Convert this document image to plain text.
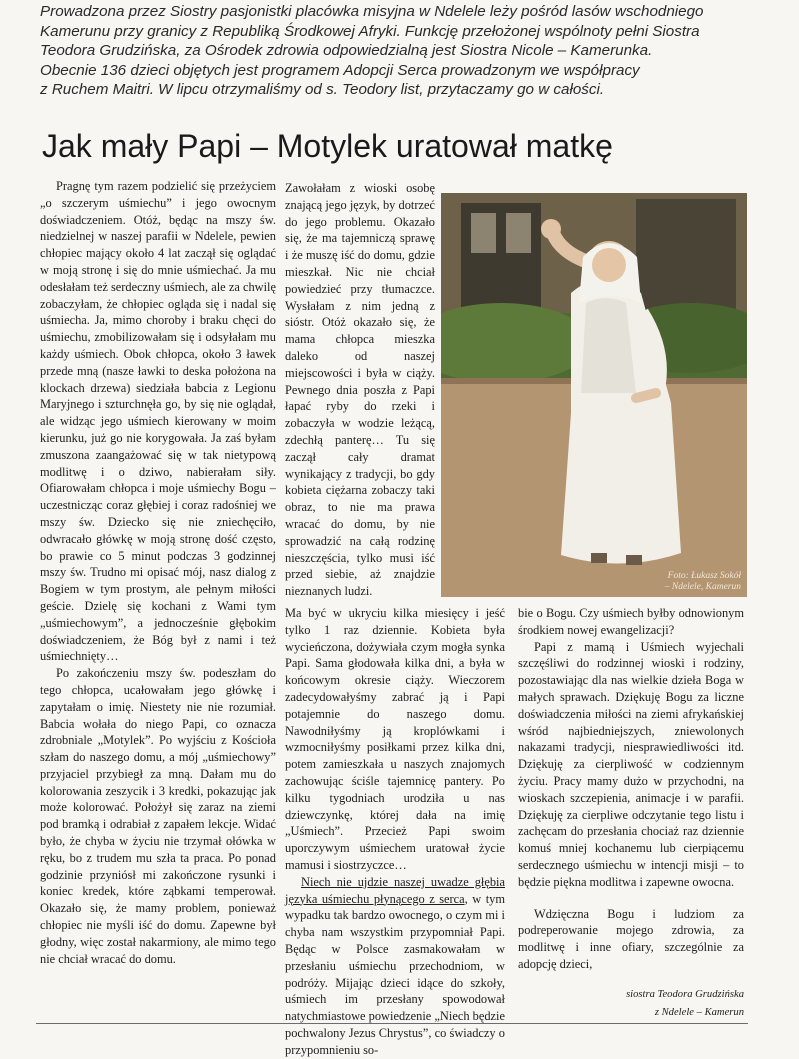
Prowadzona przez Siostry pasjonistki placówka misyjna w Ndelele leży pośród lasów wschodniego
Kamerunu przy granicy z Republiką Środkowej Afryki. Funkcję przełożonej wspólnoty pełni Siostra
Teodora Grudzińska, za Ośrodek zdrowia odpowiedzialną jest Siostra Nicole – Kamerunka.
Obecnie 136 dzieci objętych jest programem Adopcji Serca prowadzonym we współpracy
z Ruchem Maitri. W lipcu otrzymaliśmy od s. Teodory list, przytaczamy go w całości.
Jak mały Papi – Motylek uratował matkę

Pragnę tym razem podzielić się przeżyciem „o szczerym uśmiechu” i jego owocnym doświadczeniem. Otóż, będąc na mszy św. niedzielnej w naszej parafii w Ndelele, pewien chłopiec mający około 4 lat zaczął się oglądać w moją stronę i się do mnie uśmiechać. Ja mu odesłałam też serdeczny uśmiech, ale za chwilę zobaczyłam, że chłopiec ogląda się i nadal się uśmiecha. Ja, mimo choroby i braku chęci do uśmiechu, zmobilizowałam się i odsyłałam mu każdy uśmiech. Obok chłopca, około 3 ławek przede mną (nasze ławki to deska położona na klockach drzewa) siedziała babcia z Legionu Maryjnego i szturchnęła go, by się nie oglądał, ale widząc jego uśmiech kierowany w moim kierunku, już go nie korygowała. Ja zaś byłam zmuszona zaangażować się w tak nietypową modlitwę i o dziwo, nabierałam siły. Ofiarowałam chłopca i moje uśmiechy Bogu – uczestnicząc coraz głębiej i coraz radośniej we mszy św. Dziecko się nie zniechęciło, odwracało główkę w moją stronę dość często, bo prawie co 5 minut podczas 3 godzinnej mszy św. Trudno mi opisać mój, nasz dialog z Bogiem w tym prostym, ale pełnym miłości geście. Dzielę się kochani z Wami tym „uśmiechowym”, a jednocześnie głębokim doświadczeniem, że Bóg był z nami i też uśmiechnięty…

Po zakończeniu mszy św. podeszłam do tego chłopca, ucałowałam jego główkę i zapytałam o imię. Niestety nie nie rozumiał. Babcia wołała do niego Papi, co oznacza zdrobniale „Motylek”. Po wyjściu z Kościoła szłam do naszego domu, a mój „uśmiechowy” przyjaciel przybiegł za mną. Dałam mu do kolorowania zeszycik i 3 kredki, pokazując jak może kolorować. Położył się zaraz na ziemi pod bramką i odrabiał z zapałem lekcje. Widać było, że chyba w życiu nie trzymał ołówka w ręku, bo z trudem mu szła ta praca. Po ponad godzinie przyniósł mi zakończone rysunki i koniec kredek, które ząbkami temperował. Okazało się, że mamy problem, ponieważ chłopiec nie myśli iść do domu. Zapewne był głodny, więc został nakarmiony, ale mimo tego nie chciał wracać do domu.

Zawołałam z wioski osobę znającą jego język, by dotrzeć do jego problemu. Okazało się, że ma tajemniczą sprawę i że muszę iść do domu, gdzie mieszkał. Nic nie chciał powiedzieć przy tłumaczce. Wysłałam z nim jedną z sióstr. Otóż okazało się, że mama chłopca mieszka daleko od naszej miejscowości i była w ciąży. Pewnego dnia poszła z Papi łapać ryby do rzeki i zobaczyła w wodzie leżącą, zdechłą panterę… Tu się zaczął cały dramat wynikający z tradycji, bo gdy kobieta ciężarna zobaczy taki obraz, to nie ma prawa wracać do domu, by nie sprowadzić na całą rodzinę nieszczęścia, tylko musi iść przed siebie, aż znajdzie nieznanych ludzi.

Foto: Łukasz Sokół
– Ndelele, Kamerun

Ma być w ukryciu kilka miesięcy i jeść tylko 1 raz dziennie. Kobieta była wycieńczona, dożywiała czym mogła synka Papi. Sama głodowała kilka dni, a była w końcowym okresie ciąży. Wieczorem zadecydowałyśmy zabrać ją i Papi potajemnie do naszego domu. Nawodniłyśmy ją kroplówkami i wzmocniłyśmy posiłkami przez kilka dni, potem zamieszkała u naszych znajomych zachowując ściśle tajemnicę pantery. Po kilku tygodniach urodziła u nas dziewczynkę, której dała na imię „Uśmiech”. Przecież Papi swoim uporczywym uśmiechem uratował życie mamusi i siostrzyczce…

Niech nie ujdzie naszej uwadze głębia języka uśmiechu płynącego z serca, w tym wypadku tak bardzo owocnego, o czym mi i chyba nam wszystkim przypomniał Papi. Będąc w Polsce zasmakowałam w przesłaniu uśmiechu przechodniom, w podróży. Mijając dzieci idące do szkoły, uśmiech im przesłany spowodował natychmiastowe powiedzenie „Niech będzie pochwalony Jezus Chrystus”, co świadczy o przypomnieniu so-

bie o Bogu. Czy uśmiech byłby odnowionym środkiem nowej ewangelizacji?

Papi z mamą i Uśmiech wyjechali szczęśliwi do rodzinnej wioski i rodziny, pozostawiając dla nas wielkie dzieła Boga w małych sprawach. Dziękuję Bogu za liczne doświadczenia miłości na ziemi afrykańskiej wśród najbiedniejszych, zniewolonych nakazami tradycji, niesprawiedliwości itd. Dziękuję za cierpliwość w codziennym życiu. Pracy mamy dużo w przychodni, na wioskach szczepienia, animacje i w parafii. Dziękuję za cierpliwe odczytanie tego listu i zachęcam do przesłania chociaż raz dziennie komuś mniej kochanemu lub cierpiącemu serdecznego uśmiechu w intencji misji – to będzie piękna modlitwa i zapewne owocna.

Wdzięczna Bogu i ludziom za podreperowanie mojego zdrowia, za modlitwę i inne ofiary, szczególnie za adopcję dzieci,

siostra Teodora Grudzińska

z Ndelele – Kamerun
